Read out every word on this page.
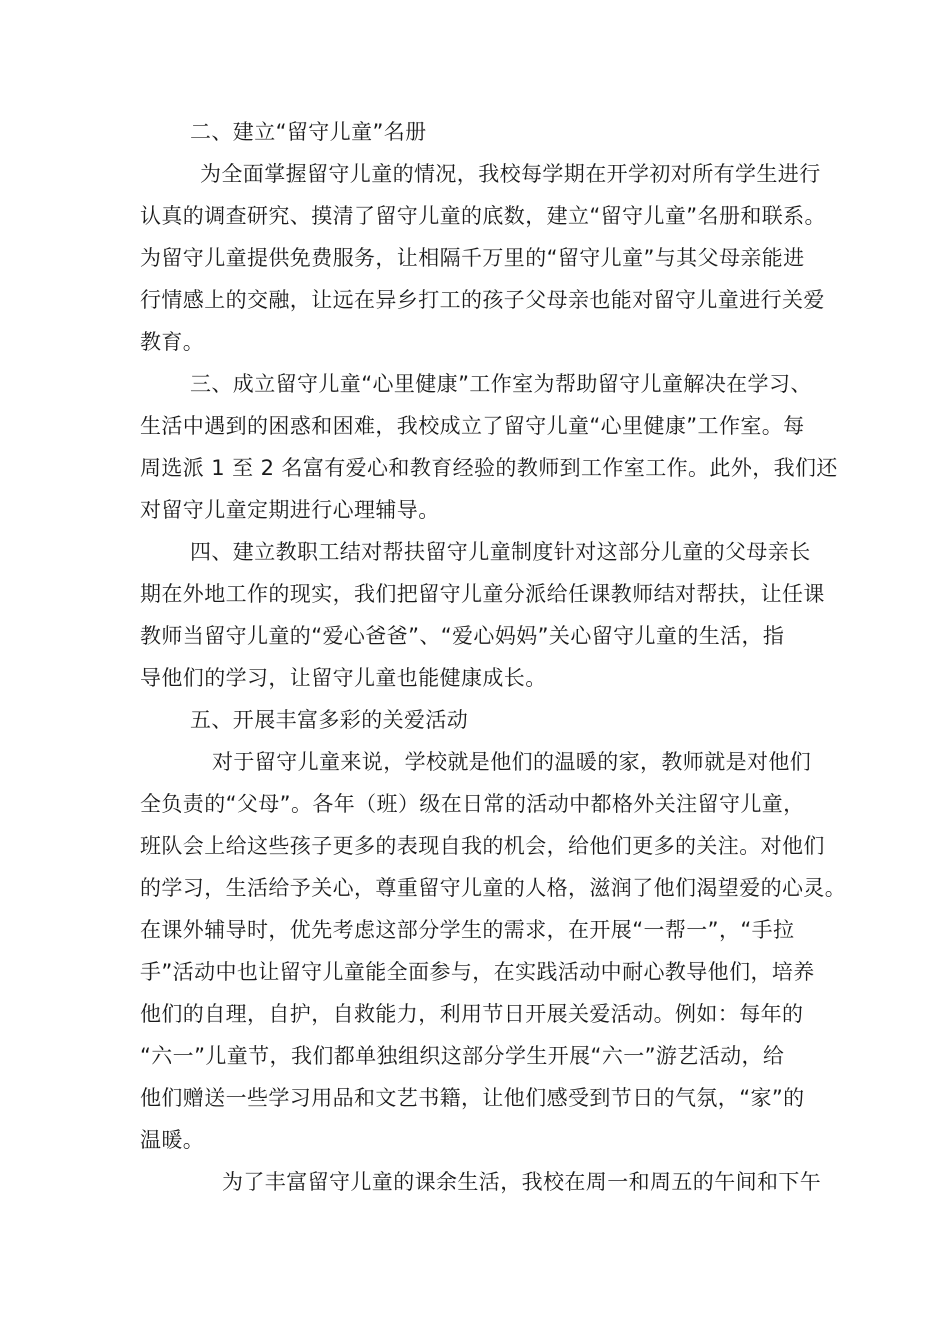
二、建立“留守儿童”名册
为全面掌握留守儿童的情况，我校每学期在开学初对所有学生进行
认真的调查研究、摸清了留守儿童的底数，建立“留守儿童”名册和联系。
为留守儿童提供免费服务，让相隔千万里的“留守儿童”与其父母亲能进
行情感上的交融，让远在异乡打工的孩子父母亲也能对留守儿童进行关爱
教育。
三、成立留守儿童“心里健康”工作室为帮助留守儿童解决在学习、
生活中遇到的困惑和困难，我校成立了留守儿童“心里健康”工作室。每
周选派 1 至 2 名富有爱心和教育经验的教师到工作室工作。此外，我们还
对留守儿童定期进行心理辅导。
四、建立教职工结对帮扶留守儿童制度针对这部分儿童的父母亲长
期在外地工作的现实，我们把留守儿童分派给任课教师结对帮扶，让任课
教师当留守儿童的“爱心爸爸”、“爱心妈妈”关心留守儿童的生活，指
导他们的学习，让留守儿童也能健康成长。
五、开展丰富多彩的关爱活动
对于留守儿童来说，学校就是他们的温暖的家，教师就是对他们
全负责的“父母”。各年（班）级在日常的活动中都格外关注留守儿童，
班队会上给这些孩子更多的表现自我的机会，给他们更多的关注。对他们
的学习，生活给予关心，尊重留守儿童的人格，滋润了他们渴望爱的心灵。
在课外辅导时，优先考虑这部分学生的需求，在开展“一帮一”，“手拉
手”活动中也让留守儿童能全面参与，在实践活动中耐心教导他们，培养
他们的自理，自护，自救能力，利用节日开展关爱活动。例如：每年的
“六一”儿童节，我们都单独组织这部分学生开展“六一”游艺活动，给
他们赠送一些学习用品和文艺书籍，让他们感受到节日的气氛，“家”的
温暖。
为了丰富留守儿童的课余生活，我校在周一和周五的午间和下午
